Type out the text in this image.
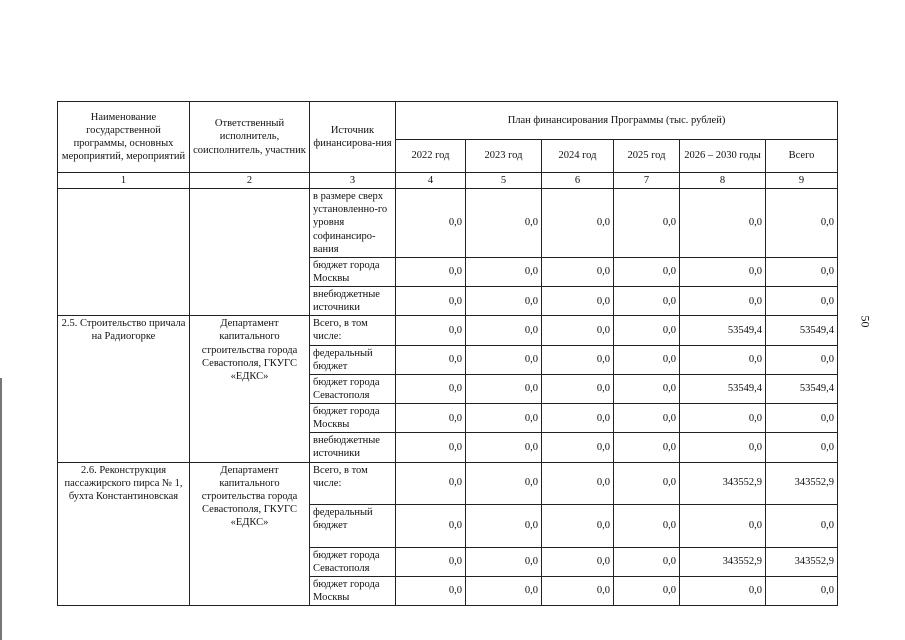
50
Наименование государственной программы, основных мероприятий, мероприятий	Ответственный исполнитель, соисполнитель, участник	Источник финансирова-ния	План финансирования Программы (тыс. рублей)					
			2022 год	2023 год	2024 год	2025 год	2026 – 2030 годы	Всего
1	2	3	4	5	6	7	8	9
		в размере сверх установленно-го уровня софинансиро-вания	0,0	0,0	0,0	0,0	0,0	0,0
		бюджет города Москвы	0,0	0,0	0,0	0,0	0,0	0,0
		внебюджетные источники	0,0	0,0	0,0	0,0	0,0	0,0
2.5. Строительство причала на Радиогорке	Департамент капитального строительства города Севастополя, ГКУГС «ЕДКС»	Всего, в том числе:	0,0	0,0	0,0	0,0	53549,4	53549,4
		федеральный бюджет	0,0	0,0	0,0	0,0	0,0	0,0
		бюджет города Севастополя	0,0	0,0	0,0	0,0	53549,4	53549,4
		бюджет города Москвы	0,0	0,0	0,0	0,0	0,0	0,0
		внебюджетные источники	0,0	0,0	0,0	0,0	0,0	0,0
2.6. Реконструкция пассажирского пирса № 1, бухта Константиновская	Департамент капитального строительства города Севастополя, ГКУГС «ЕДКС»	Всего, в том числе:	0,0	0,0	0,0	0,0	343552,9	343552,9
		федеральный бюджет	0,0	0,0	0,0	0,0	0,0	0,0
		бюджет города Севастополя	0,0	0,0	0,0	0,0	343552,9	343552,9
		бюджет города Москвы	0,0	0,0	0,0	0,0	0,0	0,0
